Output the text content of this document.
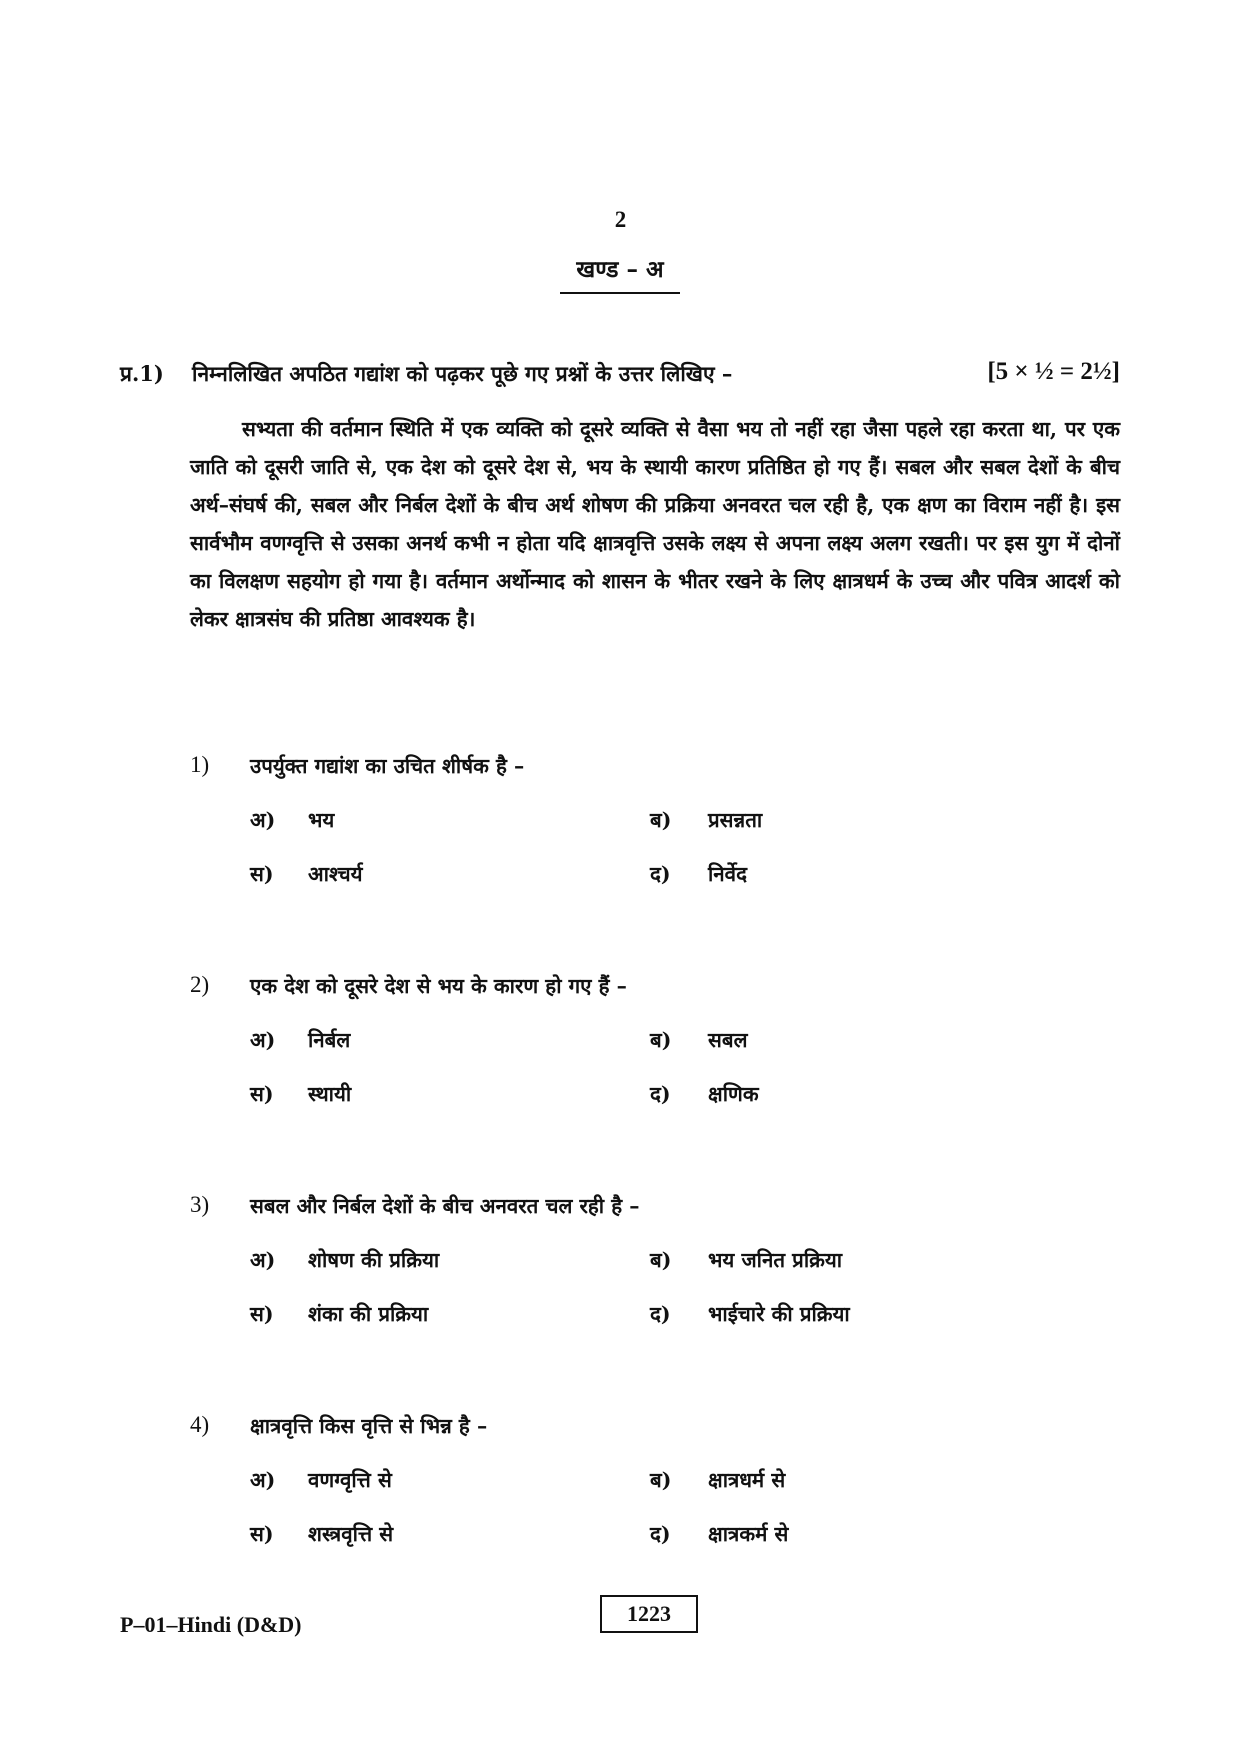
2
खण्ड – अ
प्र.1) निम्नलिखित अपठित गद्यांश को पढ़कर पूछे गए प्रश्नों के उत्तर लिखिए –	[5 × ½ = 2½]

सभ्यता की वर्तमान स्थिति में एक व्यक्ति को दूसरे व्यक्ति से वैसा भय तो नहीं रहा जैसा पहले रहा करता था, पर एक जाति को दूसरी जाति से, एक देश को दूसरे देश से, भय के स्थायी कारण प्रतिष्ठित हो गए हैं। सबल और सबल देशों के बीच अर्थ–संघर्ष की, सबल और निर्बल देशों के बीच अर्थ शोषण की प्रक्रिया अनवरत चल रही है, एक क्षण का विराम नहीं है। इस सार्वभौम वणग्वृत्ति से उसका अनर्थ कभी न होता यदि क्षात्रवृत्ति उसके लक्ष्य से अपना लक्ष्य अलग रखती। पर इस युग में दोनों का विलक्षण सहयोग हो गया है। वर्तमान अर्थोन्माद को शासन के भीतर रखने के लिए क्षात्रधर्म के उच्च और पवित्र आदर्श को लेकर क्षात्रसंघ की प्रतिष्ठा आवश्यक है।

1) उपर्युक्त गद्यांश का उचित शीर्षक है –
अ) भय	ब) प्रसन्नता
स) आश्चर्य	द) निर्वेद
2) एक देश को दूसरे देश से भय के कारण हो गए हैं –
अ) निर्बल	ब) सबल
स) स्थायी	द) क्षणिक
3) सबल और निर्बल देशों के बीच अनवरत चल रही है –
अ) शोषण की प्रक्रिया	ब) भय जनित प्रक्रिया
स) शंका की प्रक्रिया	द) भाईचारे की प्रक्रिया
4) क्षात्रवृत्ति किस वृत्ति से भिन्न है –
अ) वणग्वृत्ति से	ब) क्षात्रधर्म से
स) शस्त्रवृत्ति से	द) क्षात्रकर्म से
P–01–Hindi (D&D)	1223
